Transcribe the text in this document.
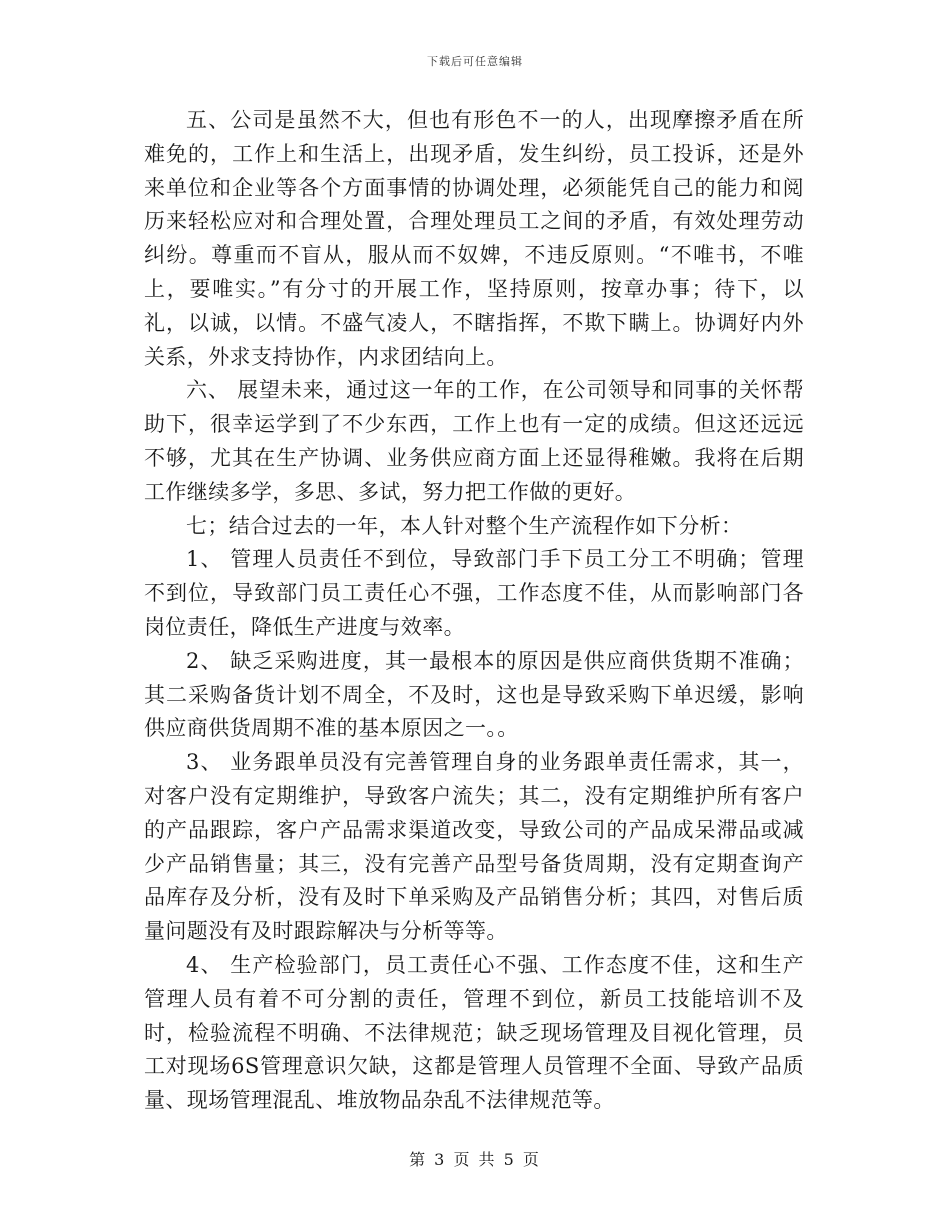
下载后可任意编辑

五、公司是虽然不大，但也有形色不一的人，出现摩擦矛盾在所难免的，工作上和生活上，出现矛盾，发生纠纷，员工投诉，还是外来单位和企业等各个方面事情的协调处理，必须能凭自己的能力和阅历来轻松应对和合理处置，合理处理员工之间的矛盾，有效处理劳动纠纷。尊重而不盲从，服从而不奴婢，不违反原则。“不唯书，不唯上，要唯实。”有分寸的开展工作，坚持原则，按章办事；待下，以礼，以诚，以情。不盛气凌人，不瞎指挥，不欺下瞒上。协调好内外关系，外求支持协作，内求团结向上。

六、 展望未来，通过这一年的工作，在公司领导和同事的关怀帮助下，很幸运学到了不少东西，工作上也有一定的成绩。但这还远远不够，尤其在生产协调、业务供应商方面上还显得稚嫩。我将在后期工作继续多学，多思、多试，努力把工作做的更好。

七；结合过去的一年，本人针对整个生产流程作如下分析：

1、 管理人员责任不到位，导致部门手下员工分工不明确；管理不到位，导致部门员工责任心不强，工作态度不佳，从而影响部门各岗位责任，降低生产进度与效率。

2、 缺乏采购进度，其一最根本的原因是供应商供货期不准确；其二采购备货计划不周全，不及时，这也是导致采购下单迟缓，影响供应商供货周期不准的基本原因之一。。

3、 业务跟单员没有完善管理自身的业务跟单责任需求，其一，对客户没有定期维护，导致客户流失；其二，没有定期维护所有客户的产品跟踪，客户产品需求渠道改变，导致公司的产品成呆滞品或减少产品销售量；其三，没有完善产品型号备货周期，没有定期查询产品库存及分析，没有及时下单采购及产品销售分析；其四，对售后质量问题没有及时跟踪解决与分析等等。

4、 生产检验部门，员工责任心不强、工作态度不佳，这和生产管理人员有着不可分割的责任，管理不到位，新员工技能培训不及时，检验流程不明确、不法律规范；缺乏现场管理及目视化管理，员工对现场6S管理意识欠缺，这都是管理人员管理不全面、导致产品质量、现场管理混乱、堆放物品杂乱不法律规范等。

第 3 页 共 5 页
